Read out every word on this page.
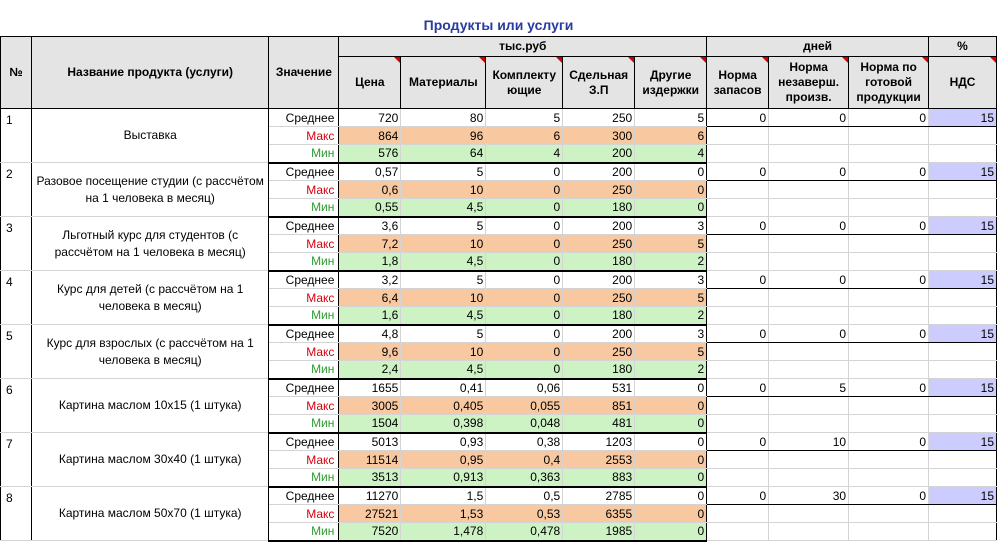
Продукты или услуги
№	Название продукта (услуги)	Значение	тыс.руб					дней			%
			Цена	Материалы	Комплекту ющие	Сдельная З.П	Другие издержки	Норма запасов	Норма незаверш. произв.	Норма по готовой продукции	НДС
1	Выставка	Среднее	720	80	5	250	5	0	0	0	15
		Макс	864	96	6	300	6				
		Мин	576	64	4	200	4				
2	Разовое посещение студии (с рассчётом на 1 человека в месяц)	Среднее	0,57	5	0	200	0	0	0	0	15
		Макс	0,6	10	0	250	0				
		Мин	0,55	4,5	0	180	0				
3	Льготный курс для студентов (с рассчётом на 1 человека в месяц)	Среднее	3,6	5	0	200	3	0	0	0	15
		Макс	7,2	10	0	250	5				
		Мин	1,8	4,5	0	180	2				
4	Курс для детей (с рассчётом на 1 человека в месяц)	Среднее	3,2	5	0	200	3	0	0	0	15
		Макс	6,4	10	0	250	5				
		Мин	1,6	4,5	0	180	2				
5	Курс для взрослых (с рассчётом на 1 человека в месяц)	Среднее	4,8	5	0	200	3	0	0	0	15
		Макс	9,6	10	0	250	5				
		Мин	2,4	4,5	0	180	2				
6	Картина маслом 10x15 (1 штука)	Среднее	1655	0,41	0,06	531	0	0	5	0	15
		Макс	3005	0,405	0,055	851	0				
		Мин	1504	0,398	0,048	481	0				
7	Картина маслом 30x40 (1 штука)	Среднее	5013	0,93	0,38	1203	0	0	10	0	15
		Макс	11514	0,95	0,4	2553	0				
		Мин	3513	0,913	0,363	883	0				
8	Картина маслом 50x70 (1 штука)	Среднее	11270	1,5	0,5	2785	0	0	30	0	15
		Макс	27521	1,53	0,53	6355	0				
		Мин	7520	1,478	0,478	1985	0				
